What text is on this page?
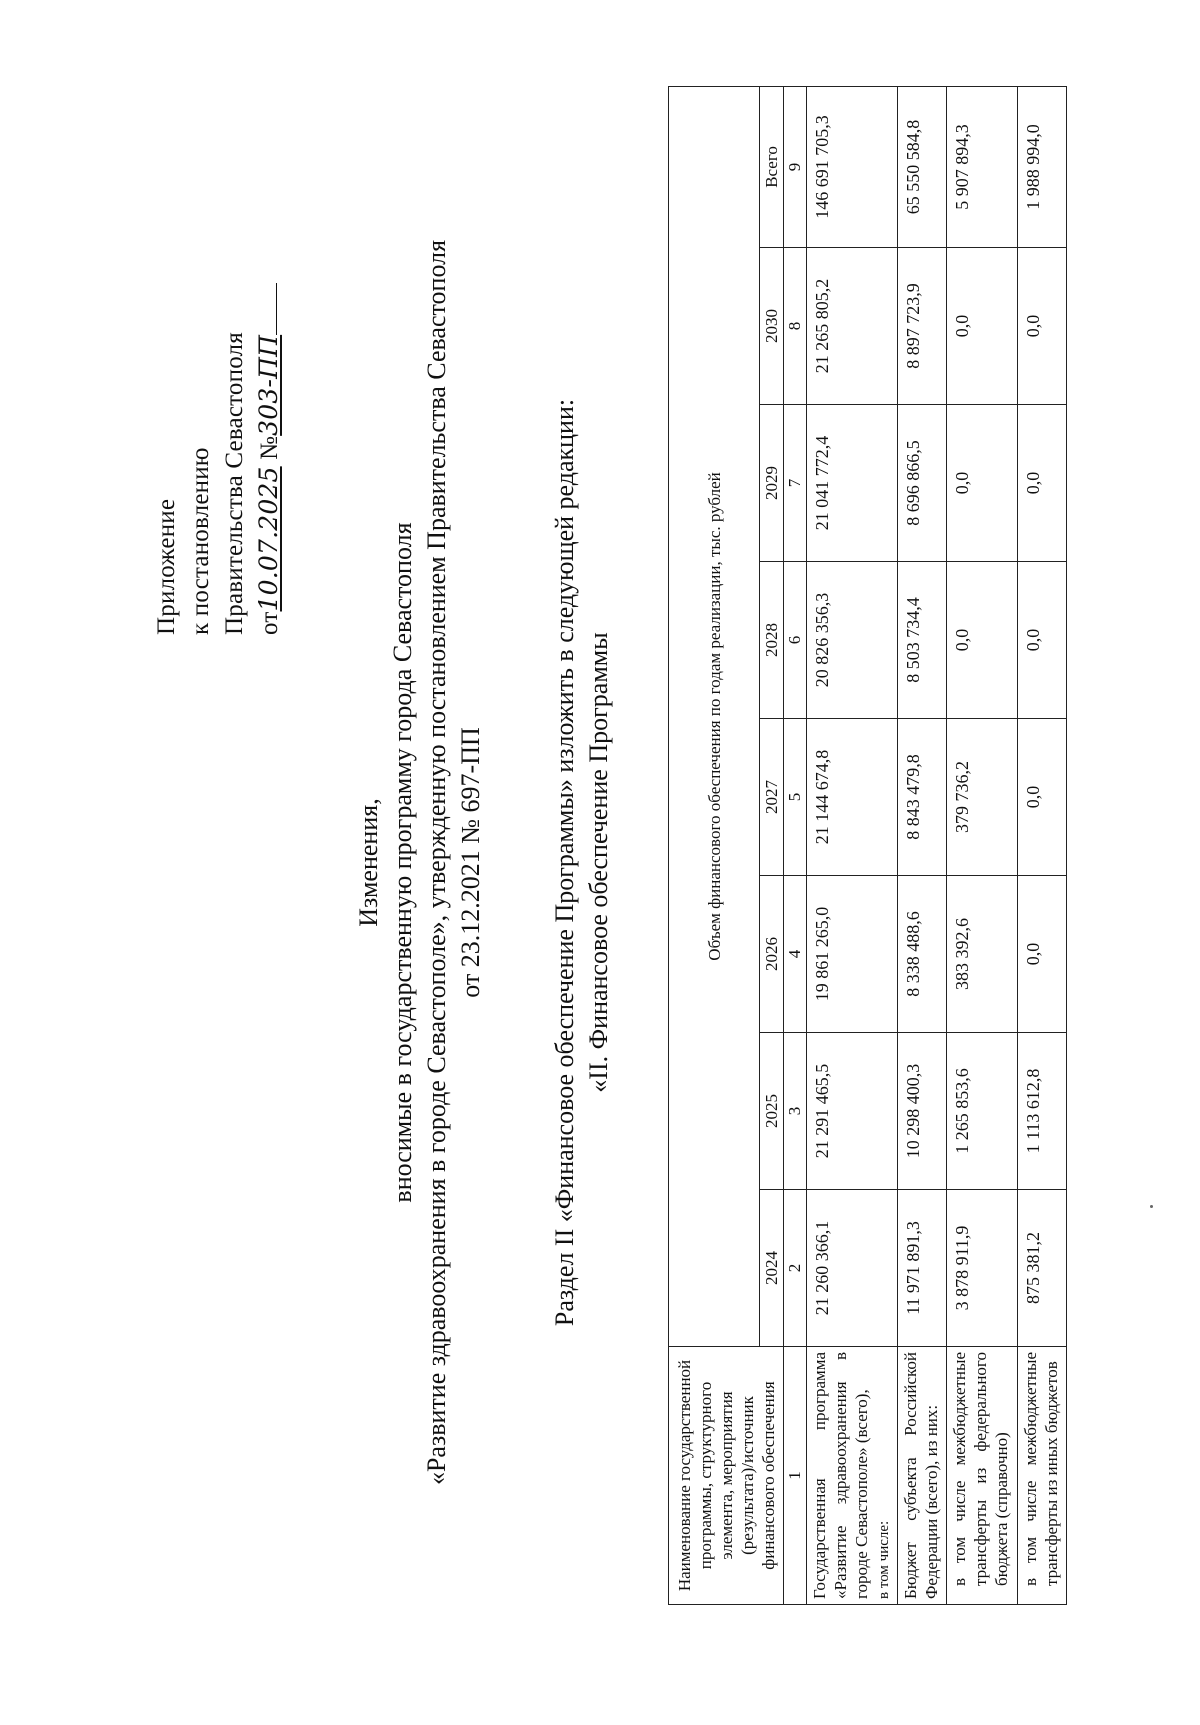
Приложение к постановлению Правительства Севастополя от10.07.2025 №303-ПП
Изменения, вносимые в государственную программу города Севастополя «Развитие здравоохранения в городе Севастополе», утвержденную постановлением Правительства Севастополя от 23.12.2021 № 697-ПП	Раздел II «Финансовое обеспечение Программы» изложить в следующей редакции: «II. Финансовое обеспечение Программы
Наименование государственной программы, структурного элемента, мероприятия (результата)/источник финансового обеспечения	Объем финансового обеспечения по годам реализации, тыс. рублей							
	2024	2025	2026	2027	2028	2029	2030	Всего
1	2	3	4	5	6	7	8	9
Государственная программа «Развитие здравоохранения в городе Севастополе» (всего), в том числе:	21 260 366,1	21 291 465,5	19 861 265,0	21 144 674,8	20 826 356,3	21 041 772,4	21 265 805,2	146 691 705,3
Бюджет субъекта Российской Федерации (всего), из них:	11 971 891,3	10 298 400,3	8 338 488,6	8 843 479,8	8 503 734,4	8 696 866,5	8 897 723,9	65 550 584,8
в том числе межбюджетные трансферты из федерального бюджета (справочно)	3 878 911,9	1 265 853,6	383 392,6	379 736,2	0,0	0,0	0,0	5 907 894,3
в том числе межбюджетные трансферты из иных бюджетов	875 381,2	1 113 612,8	0,0	0,0	0,0	0,0	0,0	1 988 994,0
